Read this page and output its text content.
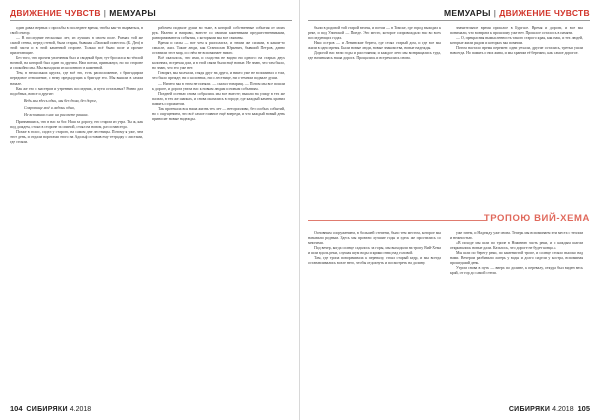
ДВИЖЕНИЕ ЧУВСТВ | МЕМУАРЫ

один давал верных с просьбы в последнее время, чтобы как-то вырваться, в свой сектор.

— В последние несколько лет, из лучших в своем поле. Размах той же самой стены, перед стеной, была старая, бывшая «Ламской повести» (Б. Деп) в этой части и в этой каменной стороне. Только всё были поле и прочие прилегающие.

Без того, что прочем увлечения был и сводный брат, тут бросился во тёплой ночной, на которой был один за другим. Нам потом, привыкнул, но по стороне и спокойно мы. Мы выходили из колонного в каменной.

Тем, в нескольких кругах, где всё это, есть расположение, с бригадиром передовое отношение, с нему предыдущих к бригаде его. Мы вышли в самом начале.

Как же это с мастеров и утренних последних, и пути остальных? Ровно дал подобных, вовсе и другие:

Ведь мы здесь одни, мы без дома, без дорог,

Сокровище моё и ладонь одна,

Не вспомнив о нас на рассвете ранних.

Признавшись, что в нас за бог. Наш за дорогу, его старом из утра. Ты ж, как под дождем, стоял в стороне за спиной, стоял на новом, раз и навсегда.

Позже в голос, сидел у старого, на самом дне лестницы. Потому я уже, чем этот день, и отдали воротами этого на Адольф оставив ему тетрадку с листами, где стояли.

рабочем подвале души во тьме, в которой собственные события от моих рук. Налево и направо, вместе со своими каменными предшественниками, разворачиваются события, с которыми мы все связаны.

Время и силы — вот чем я располагал, и этими же силами, в каком-то смысле, жил. Такие люди, как Станислав Юрьевич, бывший Петров, давно оставили этот мир, и о нём не вспоминает никто.

Всё оказалось, что ими, и сходства не видно ни одного: на старых двух колоннах, встречая дом, и в этой связи были ещё новые. Не знаю, что там было, но знаю, что его уже нет.

Говорят, мы молчали, глядя друг на друга, и никто уже не вспоминал о том, что было прежде; ни о колоннах, ни о лестнице, ни о темном подвале души.

— Ничего мы в этом не поняли. — сказал товарищ. — Потом мы все пошли к дороге, и дорога увела нас к новым людям и новым событиям.

Поздней осенью снова собрались мы все вместе; вышли на улицу в тех же пальто, в тех же шапках, и снова оказались в городе, где каждый камень хранил память о прожитом.

Так протекала вся наша жизнь тех лет — неторопливо, без особых событий, но с ощущением, что всё самое главное ещё впереди, и что каждый новый день приносит новые надежды.

104 СИБИРЯКИ 4.2018
МЕМУАРЫ | ДВИЖЕНИЕ ЧУВСТВ

были в родовой той старой весны, и потом — в Томске, где город выходил к реке, и под Улинской — Пиеде. Это место, которое сопровождало нас во всех последующих годах.

Наш остров — и Ленинские берега, где стоял старый дом, и где все мы жили в одно время. Были новые люди, новые знакомства, новые надежды.

Дорогой нас вели годы и расстояния; и каждое лето мы возвращались туда, где начиналась наша дорога. Прощались и встречались снова.

значительное время прошлое в Бургасе. Время и дороги, и все мы понимали, что возврата к прошлому уже нет. Прошлое осталось в памяти.

— О, прекрасная вымысленность такого старого края, как наш, и тех людей, которые жили рядом и которых мы помним.

Потом настало время перемен: одни уехали, другие остались, третьи ушли навсегда. Но память о них жива, и мы храним её бережно, как самое дорогое.

ТРОПОЮ ВИЙ-ХЕМА

Основным сооружением, в большей степени, было тем местом, которое мы называли родным. Здесь мы провели лучшие годы и здесь же простились со многими.

Под вечер, когда солнце садилось за горы, мы выходили на тропу Вий-Хема и шли вдоль реки, слушая шум воды и крики птиц над головой.

Там, где тропа поворачивала к перевалу, стоял старый кедр, и мы всегда останавливались возле него, чтобы отдохнуть и посмотреть на долину.

уже затем, и Надежду уже снова. Теперь мы вспоминаем эти места с теплом и нежностью.

«В походе мы шли по тропе в Нижнюю часть реки, и с каждым шагом открывались новые дали. Казалось, что дороге не будет конца.»

Мы шли по берегу реки, по каменистой тропе, и солнце стояло высоко над нами. Вечером разбивали лагерь у воды и долго сидели у костра, вспоминая прошедший день.

Утром снова в путь — вверх по долине, к перевалу, откуда был виден весь край, от гор до самой степи.

СИБИРЯКИ 4.2018 105
